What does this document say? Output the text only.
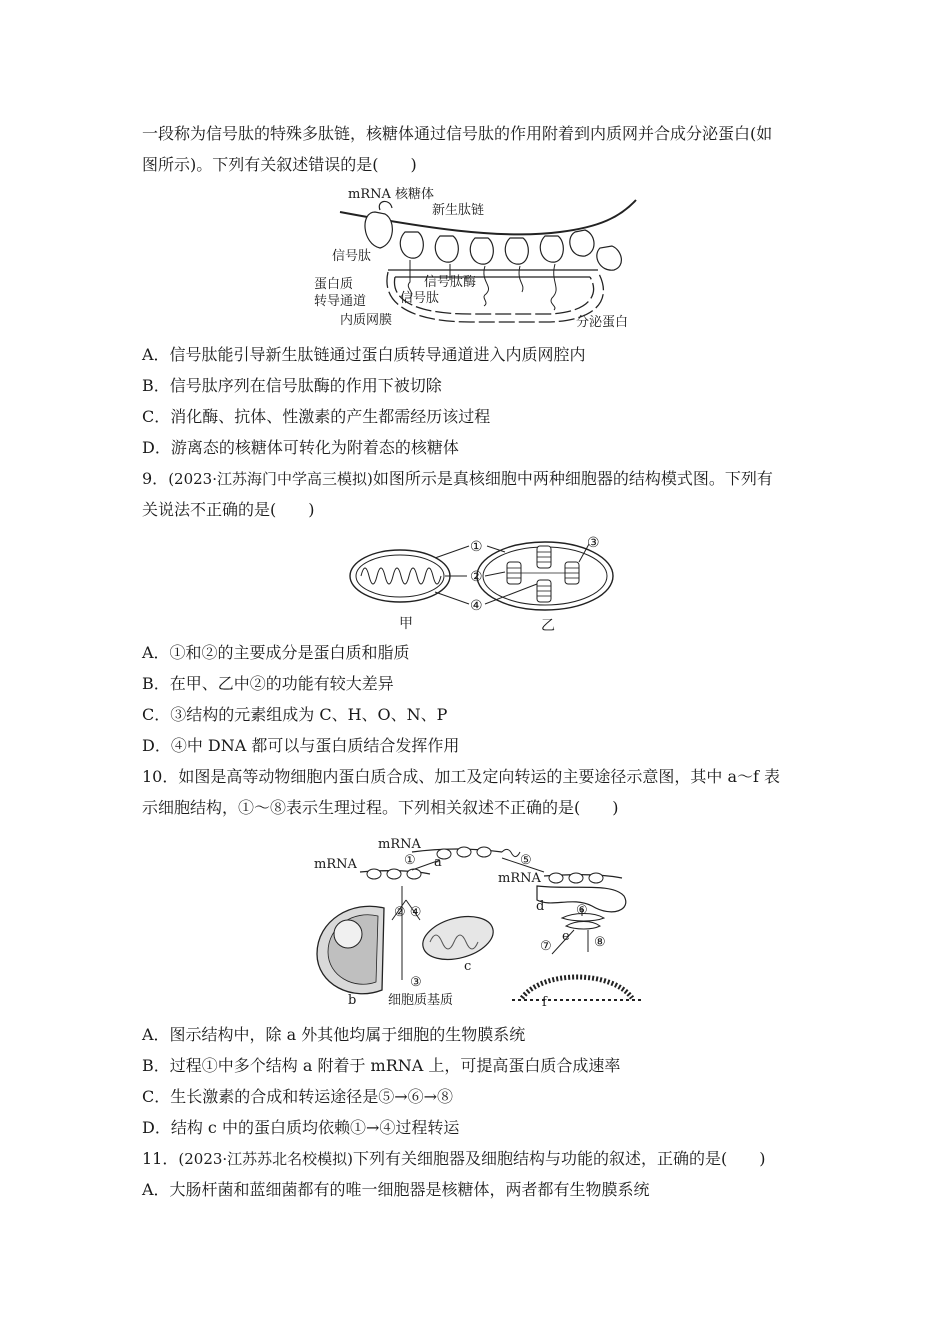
一段称为信号肽的特殊多肽链，核糖体通过信号肽的作用附着到内质网并合成分泌蛋白(如
图所示)。下列有关叙述错误的是(　　)
mRNA 核糖体
新生肽链
信号肽
蛋白质
转导通道
信号肽酶
信号肽
内质网膜	分泌蛋白
A．信号肽能引导新生肽链通过蛋白质转导通道进入内质网腔内
B．信号肽序列在信号肽酶的作用下被切除
C．消化酶、抗体、性激素的产生都需经历该过程
D．游离态的核糖体可转化为附着态的核糖体
9．(2023·江苏海门中学高三模拟)如图所示是真核细胞中两种细胞器的结构模式图。下列有
关说法不正确的是(　　)
①
②
③
④
甲	乙
A．①和②的主要成分是蛋白质和脂质
B．在甲、乙中②的功能有较大差异
C．③结构的元素组成为 C、H、O、N、P
D．④中 DNA 都可以与蛋白质结合发挥作用
10．如图是高等动物细胞内蛋白质合成、加工及定向转运的主要途径示意图，其中 a～f 表
示细胞结构，①～⑧表示生理过程。下列相关叙述不正确的是(　　)
mRNA
mRNA
mRNA
① a	⑤
② ④	⑥
d
e
⑦	⑧
③
b
c
f
细胞质基质
A．图示结构中，除 a 外其他均属于细胞的生物膜系统
B．过程①中多个结构 a 附着于 mRNA 上，可提高蛋白质合成速率
C．生长激素的合成和转运途径是⑤→⑥→⑧
D．结构 c 中的蛋白质均依赖①→④过程转运
11．(2023·江苏苏北名校模拟)下列有关细胞器及细胞结构与功能的叙述，正确的是(　　)
A．大肠杆菌和蓝细菌都有的唯一细胞器是核糖体，两者都有生物膜系统
